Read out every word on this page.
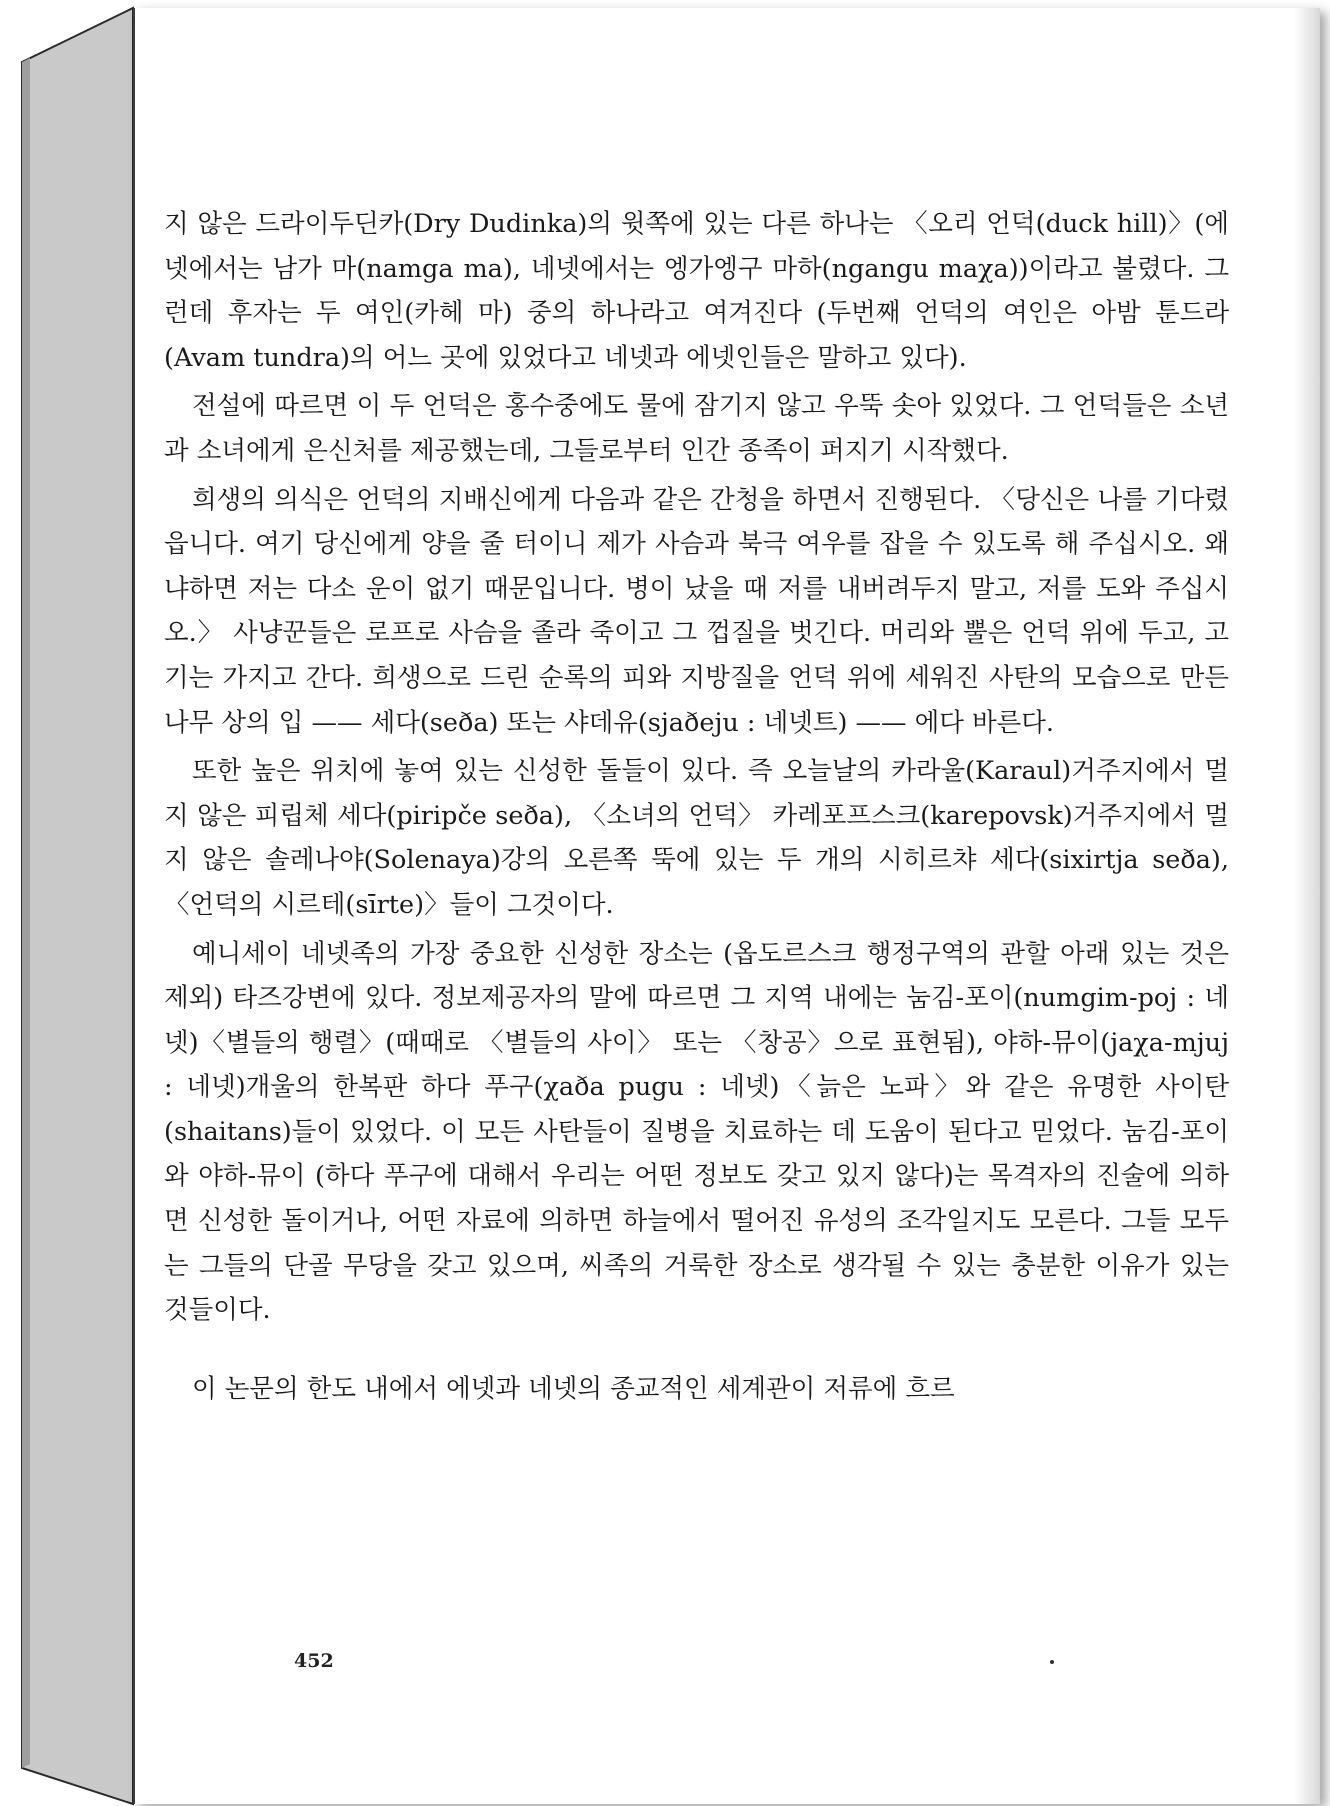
지 않은 드라이두딘카(Dry Dudinka)의 윗쪽에 있는 다른 하나는 〈오리 언덕(duck hill)〉(에넷에서는 남가 마(namga ma), 네넷에서는 엥가엥구 마하(ngangu maχa))이라고 불렸다. 그런데 후자는 두 여인(카헤 마) 중의 하나라고 여겨진다 (두번째 언덕의 여인은 아밤 툰드라(Avam tundra)의 어느 곳에 있었다고 네넷과 에넷인들은 말하고 있다).

전설에 따르면 이 두 언덕은 홍수중에도 물에 잠기지 않고 우뚝 솟아 있었다. 그 언덕들은 소년과 소녀에게 은신처를 제공했는데, 그들로부터 인간 종족이 퍼지기 시작했다.

희생의 의식은 언덕의 지배신에게 다음과 같은 간청을 하면서 진행된다. 〈당신은 나를 기다렸읍니다. 여기 당신에게 양을 줄 터이니 제가 사슴과 북극 여우를 잡을 수 있도록 해 주십시오. 왜냐하면 저는 다소 운이 없기 때문입니다. 병이 났을 때 저를 내버려두지 말고, 저를 도와 주십시오.〉 사냥꾼들은 로프로 사슴을 졸라 죽이고 그 껍질을 벗긴다. 머리와 뿔은 언덕 위에 두고, 고기는 가지고 간다. 희생으로 드린 순록의 피와 지방질을 언덕 위에 세워진 사탄의 모습으로 만든 나무 상의 입 —— 세다(seða) 또는 샤데유(sjaðeju : 네넷트) —— 에다 바른다.

또한 높은 위치에 놓여 있는 신성한 돌들이 있다. 즉 오늘날의 카라울(Karaul)거주지에서 멀지 않은 피립체 세다(piripče seða), 〈소녀의 언덕〉 카레포프스크(karepovsk)거주지에서 멀지 않은 솔레나야(Solenaya)강의 오른쪽 뚝에 있는 두 개의 시히르챠 세다(sixirtja seða), 〈언덕의 시르테(sīrte)〉들이 그것이다.

예니세이 네넷족의 가장 중요한 신성한 장소는 (옵도르스크 행정구역의 관할 아래 있는 것은 제외) 타즈강변에 있다. 정보제공자의 말에 따르면 그 지역 내에는 눔김-포이(numgim-poj : 네넷)〈별들의 행렬〉(때때로 〈별들의 사이〉 또는 〈창공〉으로 표현됨), 야하-뮤이(jaχa-mjuj : 네넷)개울의 한복판 하다 푸구(χaða pugu : 네넷)〈늙은 노파〉와 같은 유명한 사이탄(shaitans)들이 있었다. 이 모든 사탄들이 질병을 치료하는 데 도움이 된다고 믿었다. 눔김-포이와 야하-뮤이 (하다 푸구에 대해서 우리는 어떤 정보도 갖고 있지 않다)는 목격자의 진술에 의하면 신성한 돌이거나, 어떤 자료에 의하면 하늘에서 떨어진 유성의 조각일지도 모른다. 그들 모두는 그들의 단골 무당을 갖고 있으며, 씨족의 거룩한 장소로 생각될 수 있는 충분한 이유가 있는 것들이다.

이 논문의 한도 내에서 에넷과 네넷의 종교적인 세계관이 저류에 흐르

452
